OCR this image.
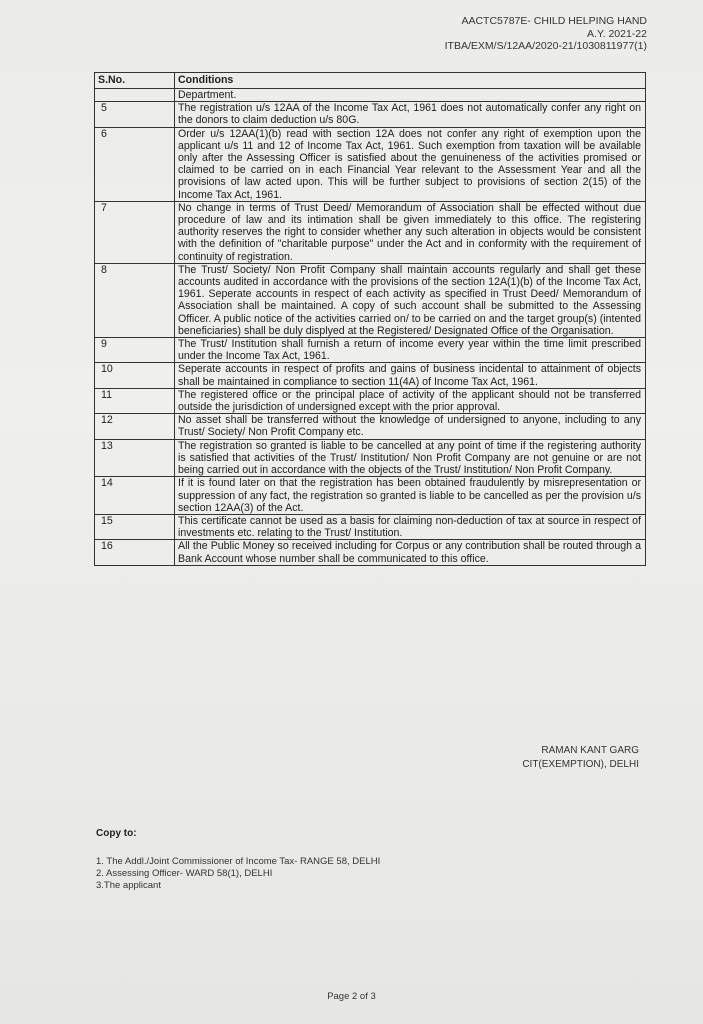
AACTC5787E- CHILD HELPING HAND
A.Y. 2021-22
ITBA/EXM/S/12AA/2020-21/1030811977(1)
S.No.	Conditions
	Department.
5	The registration u/s 12AA of the Income Tax Act, 1961 does not automatically confer any right on the donors to claim deduction u/s 80G.
6	Order u/s 12AA(1)(b) read with section 12A does not confer any right of exemption upon the applicant u/s 11 and 12 of Income Tax Act, 1961. Such exemption from taxation will be available only after the Assessing Officer is satisfied about the genuineness of the activities promised or claimed to be carried on in each Financial Year relevant to the Assessment Year and all the provisions of law acted upon. This will be further subject to provisions of section 2(15) of the Income Tax Act, 1961.
7	No change in terms of Trust Deed/ Memorandum of Association shall be effected without due procedure of law and its intimation shall be given immediately to this office. The registering authority reserves the right to consider whether any such alteration in objects would be consistent with the definition of "charitable purpose" under the Act and in conformity with the requirement of continuity of registration.
8	The Trust/ Society/ Non Profit Company shall maintain accounts regularly and shall get these accounts audited in accordance with the provisions of the section 12A(1)(b) of the Income Tax Act, 1961. Seperate accounts in respect of each activity as specified in Trust Deed/ Memorandum of Association shall be maintained. A copy of such account shall be submitted to the Assessing Officer. A public notice of the activities carried on/ to be carried on and the target group(s) (intented beneficiaries) shall be duly displyed at the Registered/ Designated Office of the Organisation.
9	The Trust/ Institution shall furnish a return of income every year within the time limit prescribed under the Income Tax Act, 1961.
10	Seperate accounts in respect of profits and gains of business incidental to attainment of objects shall be maintained in compliance to section 11(4A) of Income Tax Act, 1961.
11	The registered office or the principal place of activity of the applicant should not be transferred outside the jurisdiction of undersigned except with the prior approval.
12	No asset shall be transferred without the knowledge of undersigned to anyone, including to any Trust/ Society/ Non Profit Company etc.
13	The registration so granted is liable to be cancelled at any point of time if the registering authority is satisfied that activities of the Trust/ Institution/ Non Profit Company are not genuine or are not being carried out in accordance with the objects of the Trust/ Institution/ Non Profit Company.
14	If it is found later on that the registration has been obtained fraudulently by misrepresentation or suppression of any fact, the registration so granted is liable to be cancelled as per the provision u/s section 12AA(3) of the Act.
15	This certificate cannot be used as a basis for claiming non-deduction of tax at source in respect of investments etc. relating to the Trust/ Institution.
16	All the Public Money so received including for Corpus or any contribution shall be routed through a Bank Account whose number shall be communicated to this office.
RAMAN KANT GARG
CIT(EXEMPTION), DELHI
Copy to:
1. The Addl./Joint Commissioner of Income Tax- RANGE 58, DELHI
2. Assessing Officer- WARD 58(1), DELHI
3.The applicant
Page 2 of 3
